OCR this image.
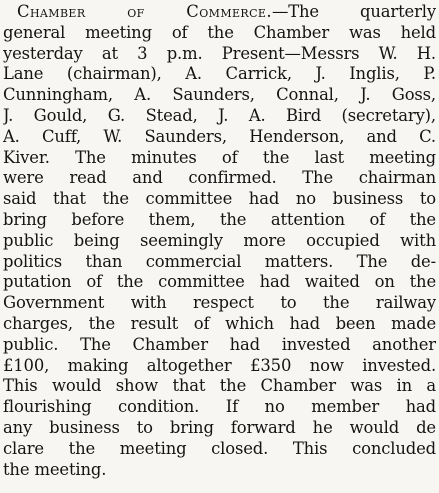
Chamber of Commerce.—The quarterly
general meeting of the Chamber was held
yesterday at 3 p.m. Present—Messrs W. H.
Lane (chairman), A. Carrick, J. Inglis, P.
Cunningham, A. Saunders, Connal, J. Goss,
J. Gould, G. Stead, J. A. Bird (secretary),
A. Cuff, W. Saunders, Henderson, and C.
Kiver. The minutes of the last meeting
were read and confirmed. The chairman
said that the committee had no business to
bring before them, the attention of the
public being seemingly more occupied with
politics than commercial matters. The de-
putation of the committee had waited on the
Government with respect to the railway
charges, the result of which had been made
public. The Chamber had invested another
£100, making altogether £350 now invested.
This would show that the Chamber was in a
flourishing condition. If no member had
any business to bring forward he would de
clare the meeting closed. This concluded
the meeting.
